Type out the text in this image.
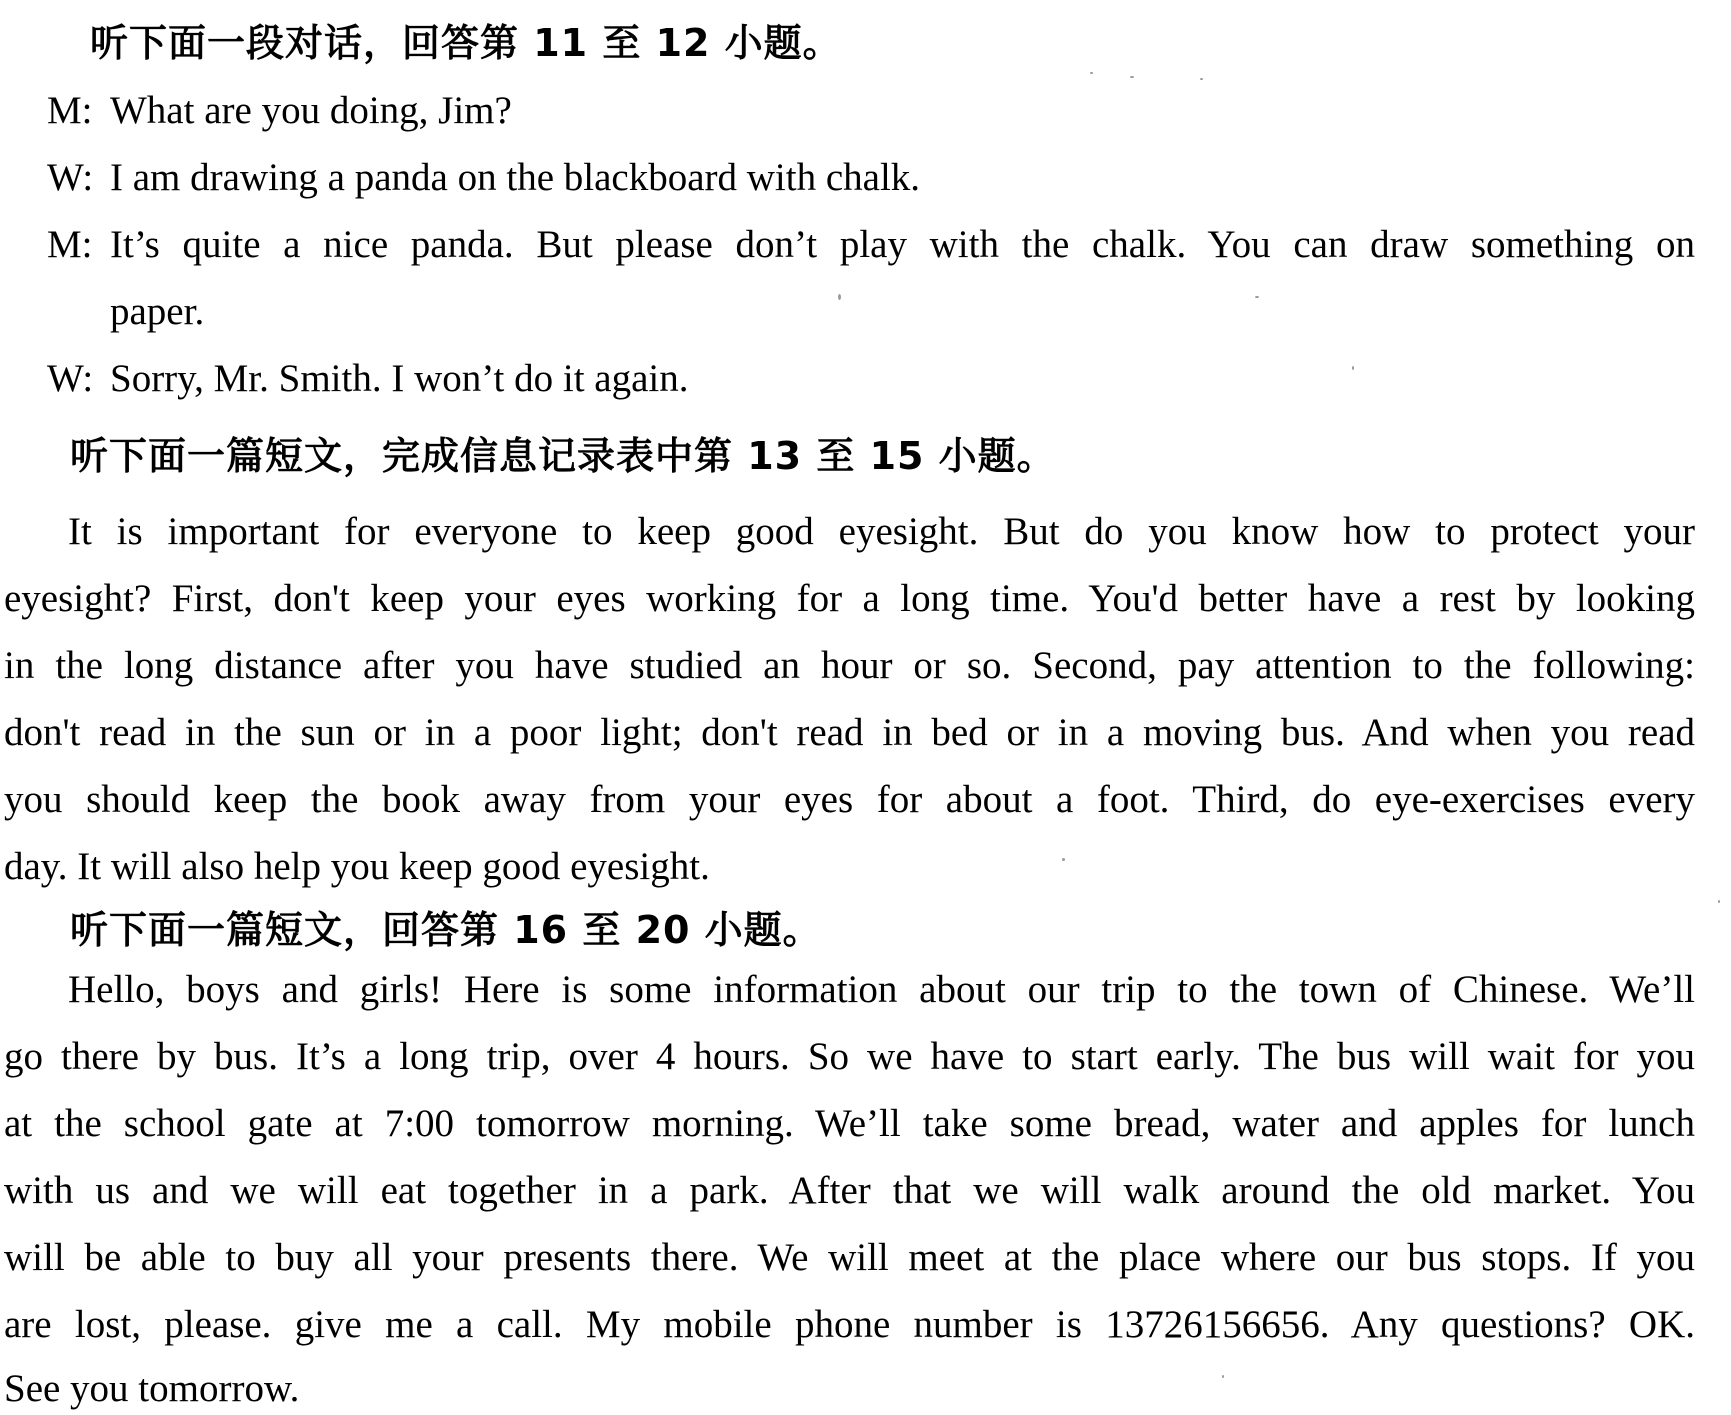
听下面一段对话，回答第 11 至 12 小题。
M: What are you doing, Jim?
W: I am drawing a panda on the blackboard with chalk.
M: It’s quite a nice panda. But please don’t play with the chalk. You can draw something on
paper.
W: Sorry, Mr. Smith. I won’t do it again.
听下面一篇短文，完成信息记录表中第 13 至 15 小题。
It is important for everyone to keep good eyesight. But do you know how to protect your
eyesight? First, don't keep your eyes working for a long time. You'd better have a rest by looking
in the long distance after you have studied an hour or so. Second, pay attention to the following:
don't read in the sun or in a poor light; don't read in bed or in a moving bus. And when you read
you should keep the book away from your eyes for about a foot. Third, do eye-exercises every
day. It will also help you keep good eyesight.
听下面一篇短文，回答第 16 至 20 小题。
Hello, boys and girls! Here is some information about our trip to the town of Chinese. We’ll
go there by bus. It’s a long trip, over 4 hours. So we have to start early. The bus will wait for you
at the school gate at 7:00 tomorrow morning. We’ll take some bread, water and apples for lunch
with us and we will eat together in a park. After that we will walk around the old market. You
will be able to buy all your presents there. We will meet at the place where our bus stops. If you
are lost, please. give me a call. My mobile phone number is 13726156656. Any questions? OK.
See you tomorrow.
